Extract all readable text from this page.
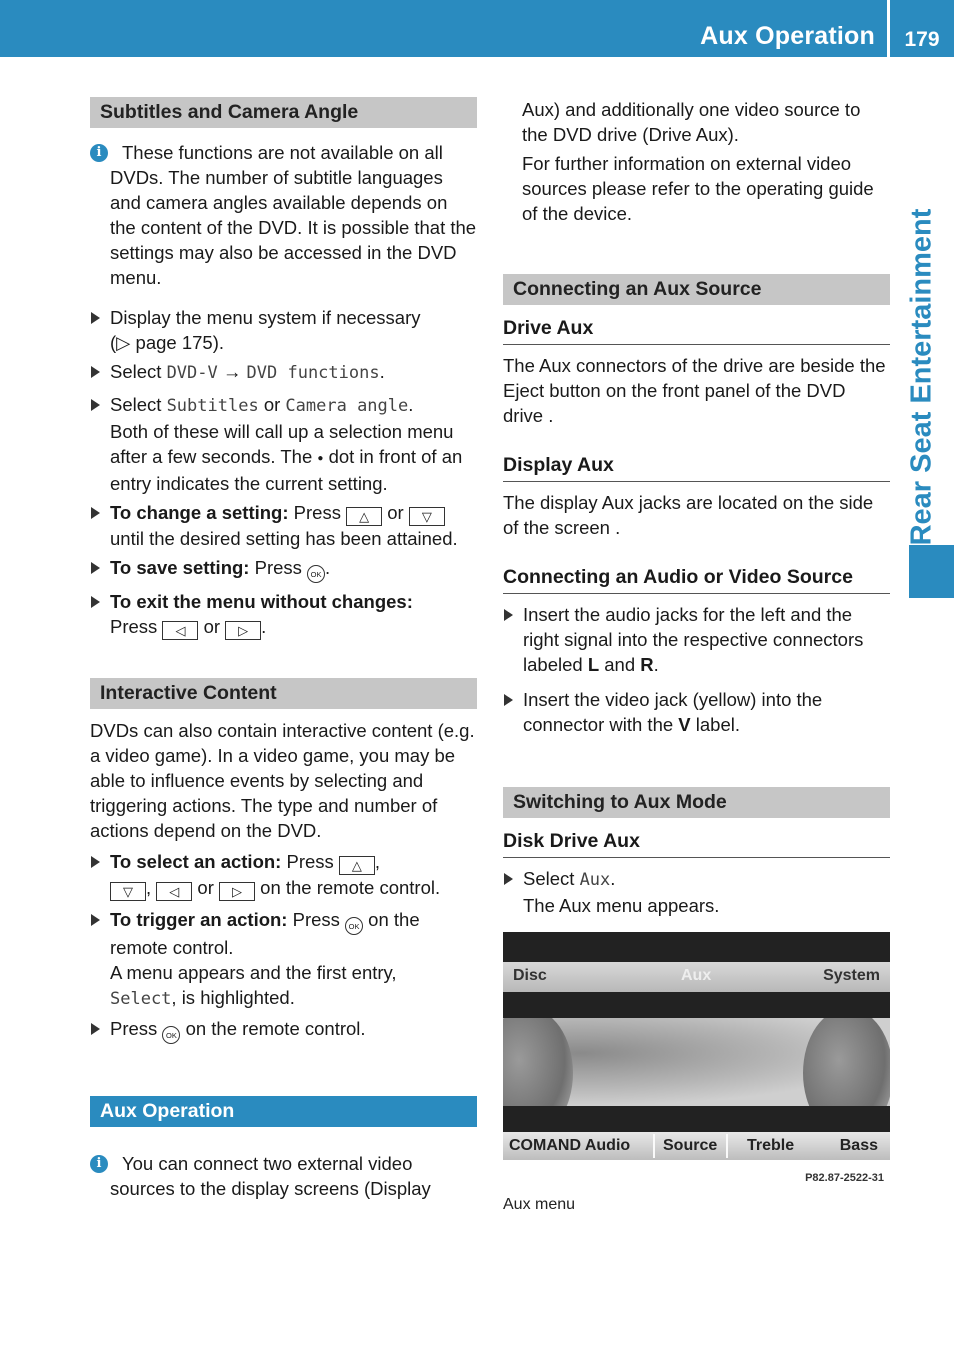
Aux Operation	179
Rear Seat Entertainment
Subtitles and Camera Angle
i	These functions are not available on all DVDs. The number of subtitle languages and camera angles available depends on the content of the DVD. It is possible that the settings may also be accessed in the DVD menu.
Display the menu system if necessary
(▷ page 175).
Select DVD-V → DVD functions.
Select Subtitles or Camera angle.
Both of these will call up a selection menu after a few seconds. The ● dot in front of an entry indicates the current setting.
To change a setting: Press △ or ▽
until the desired setting has been attained.
To save setting: Press OK .
To exit the menu without changes:
Press ◁ or ▷ .
Interactive Content

DVDs can also contain interactive content (e.g. a video game). In a video game, you may be able to influence events by selecting and triggering actions. The type and number of actions depend on the DVD.

To select an action: Press △ ,
▽ , ◁ or ▷ on the remote control.
To trigger an action: Press OK on the remote control.
A menu appears and the first entry,
Select, is highlighted.
Press OK on the remote control.
Aux Operation
i	You can connect two external video sources to the display screens (Display

Aux) and additionally one video source to the DVD drive (Drive Aux).

For further information on external video sources please refer to the operating guide of the device.

Connecting an Aux Source
Drive Aux

The Aux connectors of the drive are beside the Eject button on the front panel of the DVD drive .

Display Aux

The display Aux jacks are located on the side of the screen .

Connecting an Audio or Video Source
Insert the audio jacks for the left and the right signal into the respective connectors labeled L and R.
Insert the video jack (yellow) into the connector with the V label.
Switching to Aux Mode
Disk Drive Aux
Select Aux.
The Aux menu appears.
Disc	Aux	System
COMAND Audio Source Treble	Bass
P82.87-2522-31
Aux menu
